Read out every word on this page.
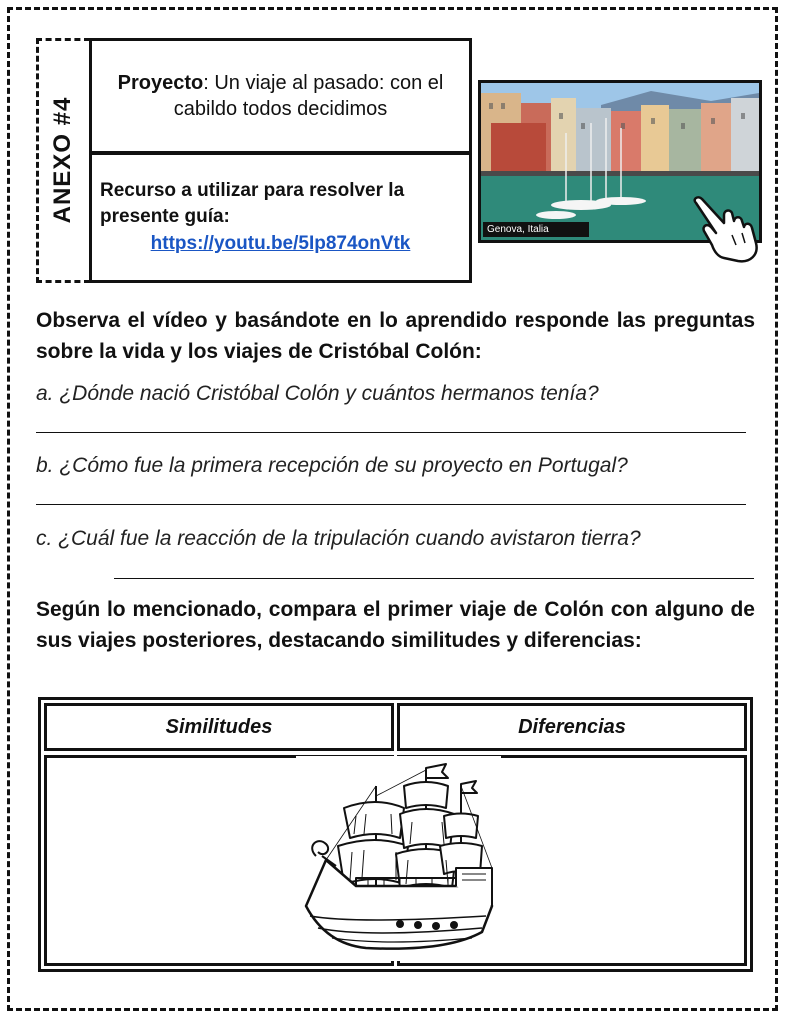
ANEXO #4
Proyecto: Un viaje al pasado: con el cabildo todos decidimos
Recurso a utilizar para resolver la presente guía:
https://youtu.be/5Ip874onVtk
Genova, Italia
Observa el vídeo y basándote en lo aprendido responde las preguntas sobre la vida y los viajes de Cristóbal Colón:
a. ¿Dónde nació Cristóbal Colón y cuántos hermanos tenía?
b. ¿Cómo fue la primera recepción de su proyecto en Portugal?
c. ¿Cuál fue la reacción de la tripulación cuando avistaron tierra?
Según lo mencionado, compara el primer viaje de Colón con alguno de sus viajes posteriores, destacando similitudes y diferencias:
Similitudes	Diferencias
